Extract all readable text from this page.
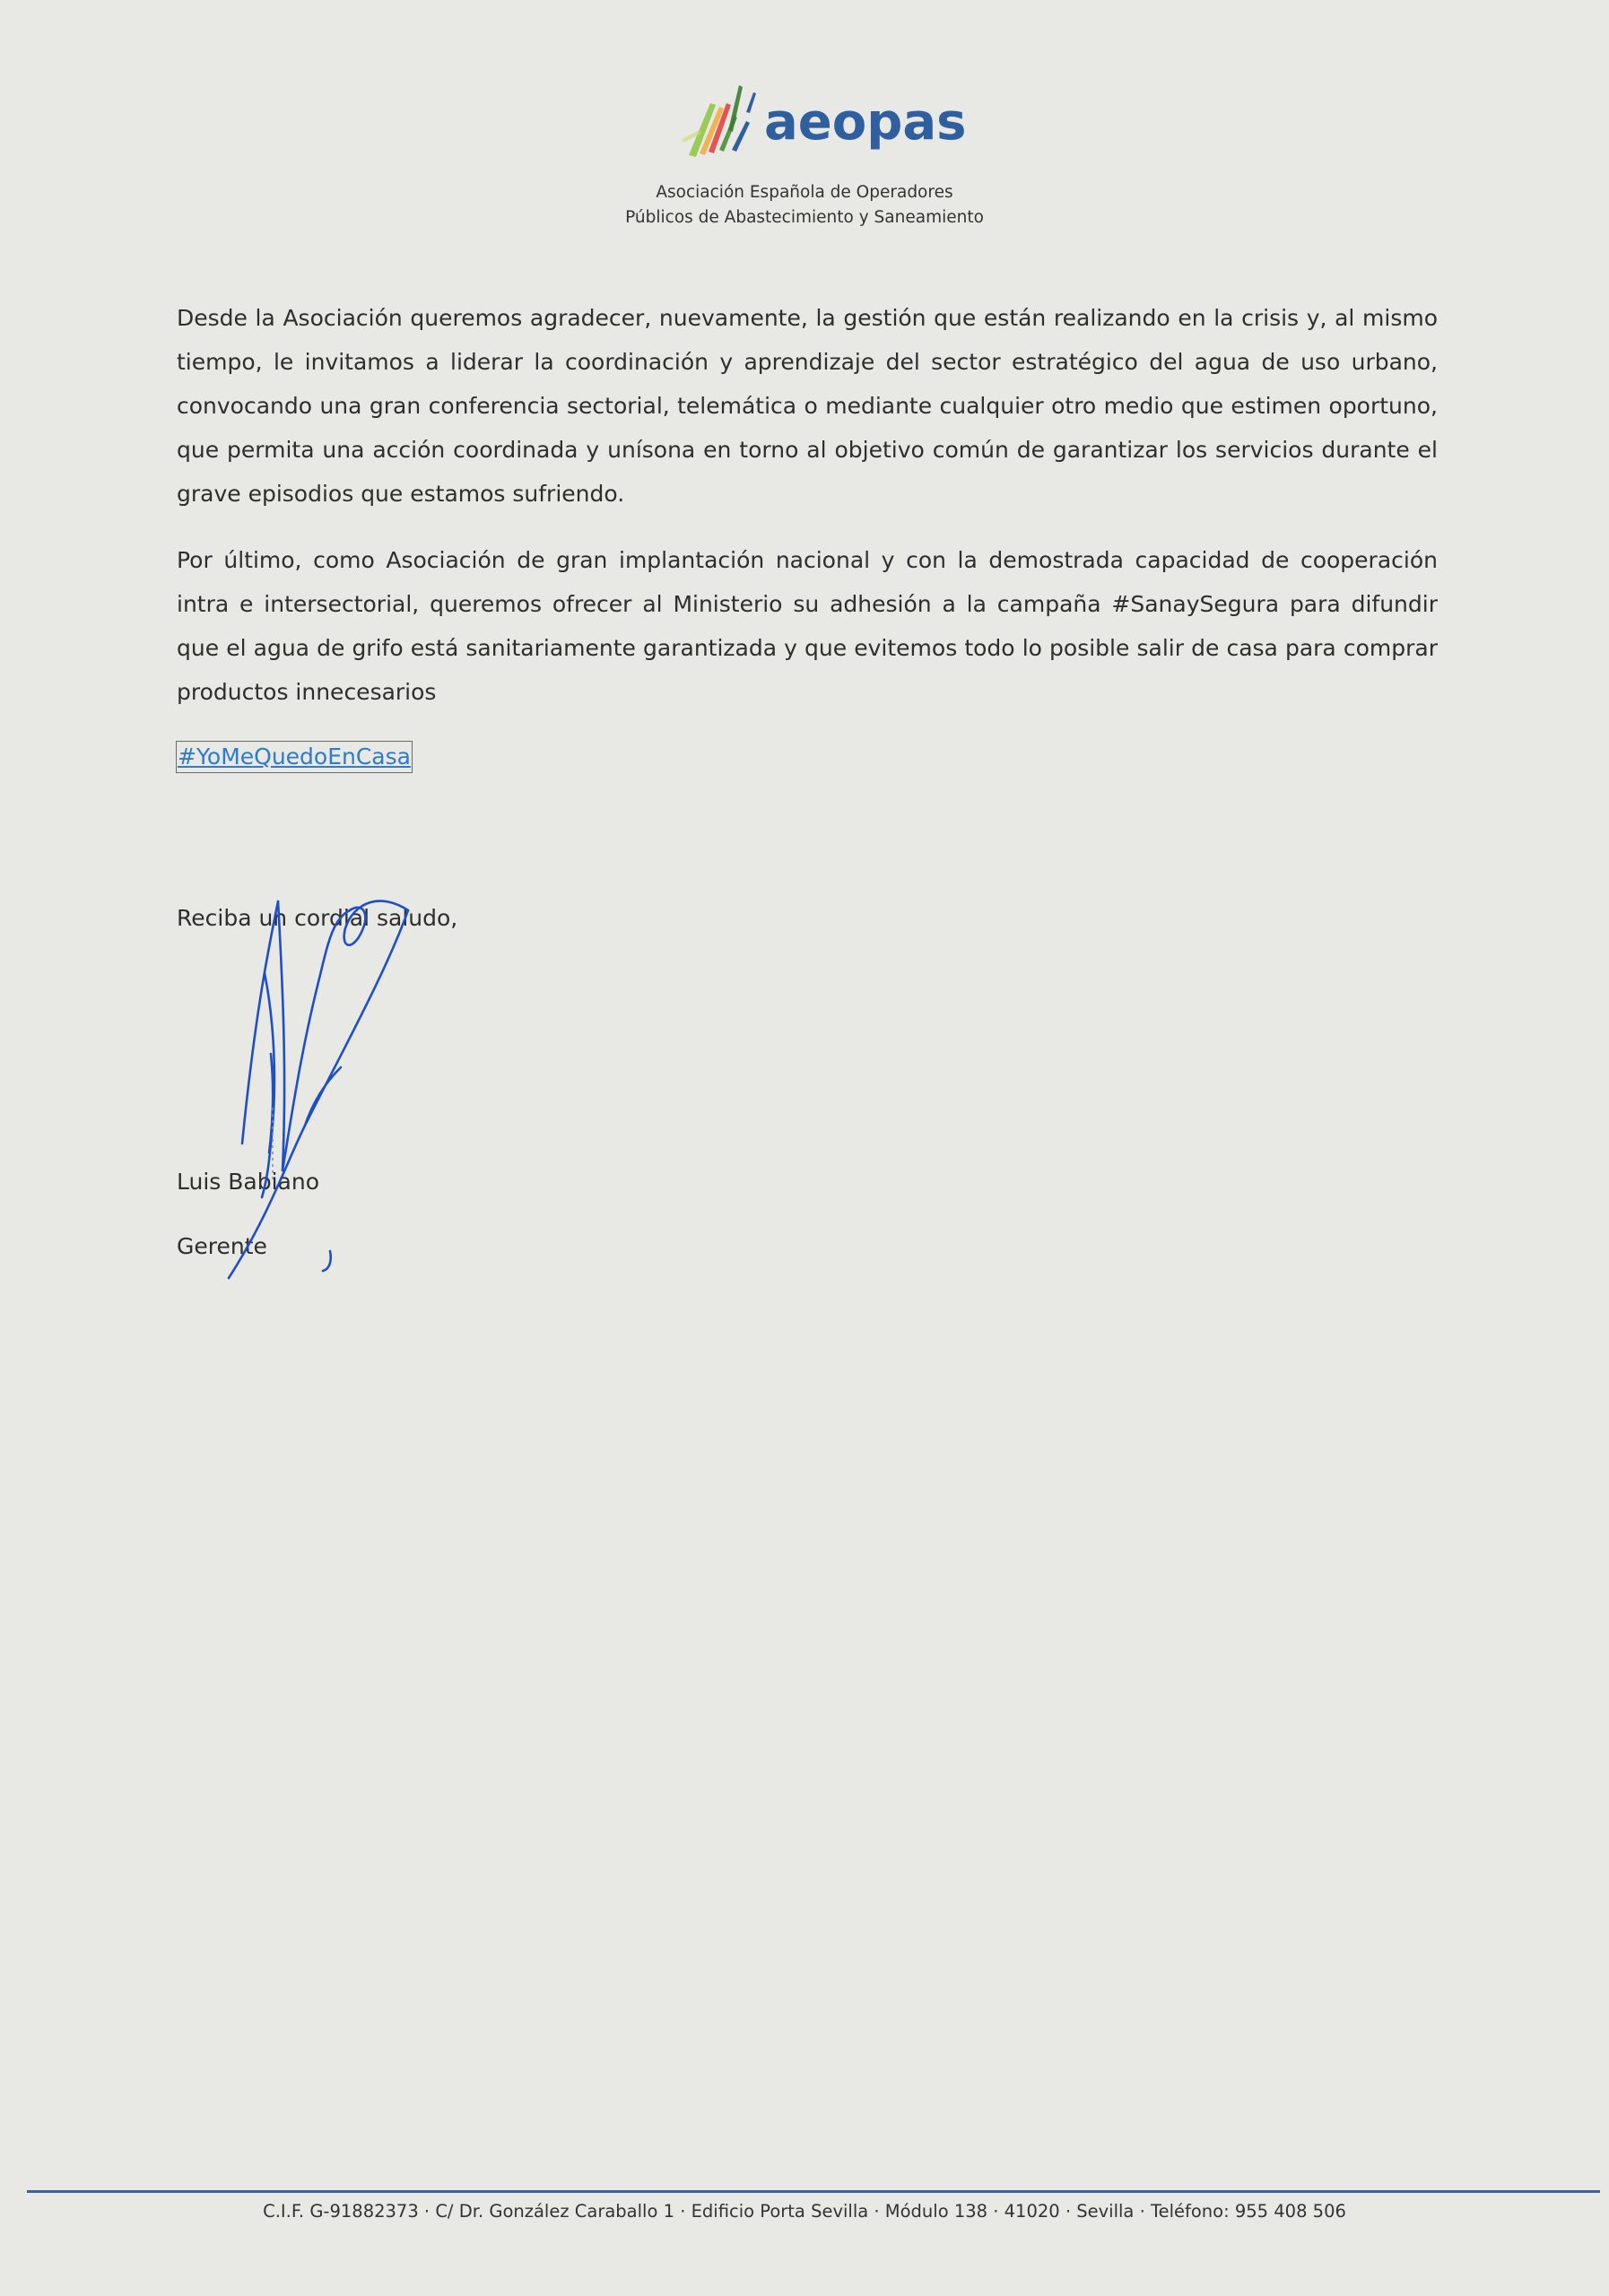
aeopas
Asociación Española de Operadores
Públicos de Abastecimiento y Saneamiento

Desde la Asociación queremos agradecer, nuevamente, la gestión que están realizando en la crisis y, al mismo tiempo, le invitamos a liderar la coordinación y aprendizaje del sector estratégico del agua de uso urbano, convocando una gran conferencia sectorial, telemática o mediante cualquier otro medio que estimen oportuno, que permita una acción coordinada y unísona en torno al objetivo común de garantizar los servicios durante el grave episodios que estamos sufriendo.

Por último, como Asociación de gran implantación nacional y con la demostrada capacidad de cooperación intra e intersectorial, queremos ofrecer al Ministerio su adhesión a la campaña #SanaySegura para difundir que el agua de grifo está sanitariamente garantizada y que evitemos todo lo posible salir de casa para comprar productos innecesarios

#YoMeQuedoEnCasa
Reciba un cordial saludo,
Luis Babiano
Gerente
C.I.F. G-91882373 · C/ Dr. González Caraballo 1 · Edificio Porta Sevilla · Módulo 138 · 41020 · Sevilla · Teléfono: 955 408 506
